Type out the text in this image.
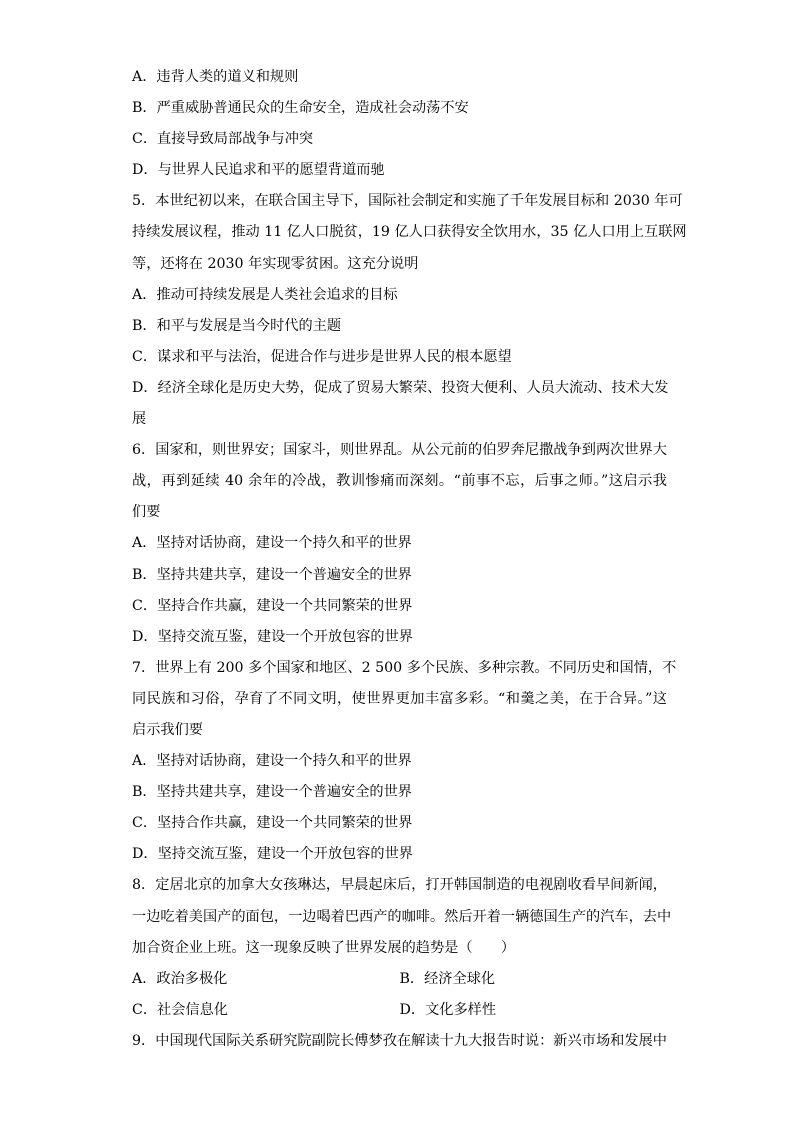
A．违背人类的道义和规则
B．严重威胁普通民众的生命安全，造成社会动荡不安
C．直接导致局部战争与冲突
D．与世界人民追求和平的愿望背道而驰
5．本世纪初以来，在联合国主导下，国际社会制定和实施了千年发展目标和 2030 年可
持续发展议程，推动 11 亿人口脱贫，19 亿人口获得安全饮用水，35 亿人口用上互联网
等，还将在 2030 年实现零贫困。这充分说明
A．推动可持续发展是人类社会追求的目标
B．和平与发展是当今时代的主题
C．谋求和平与法治，促进合作与进步是世界人民的根本愿望
D．经济全球化是历史大势，促成了贸易大繁荣、投资大便利、人员大流动、技术大发
展
6．国家和，则世界安；国家斗，则世界乱。从公元前的伯罗奔尼撒战争到两次世界大
战，再到延续 40 余年的冷战，教训惨痛而深刻。“前事不忘，后事之师。”这启示我
们要
A．坚持对话协商，建设一个持久和平的世界
B．坚持共建共享，建设一个普遍安全的世界
C．坚持合作共赢，建设一个共同繁荣的世界
D．坚持交流互鉴，建设一个开放包容的世界
7．世界上有 200 多个国家和地区、2 500 多个民族、多种宗教。不同历史和国情，不
同民族和习俗，孕育了不同文明，使世界更加丰富多彩。“和羹之美，在于合异。”这
启示我们要
A．坚持对话协商，建设一个持久和平的世界
B．坚持共建共享，建设一个普遍安全的世界
C．坚持合作共赢，建设一个共同繁荣的世界
D．坚持交流互鉴，建设一个开放包容的世界
8．定居北京的加拿大女孩琳达，早晨起床后，打开韩国制造的电视剧收看早间新闻，
一边吃着美国产的面包，一边喝着巴西产的咖啡。然后开着一辆德国生产的汽车，去中
加合资企业上班。这一现象反映了世界发展的趋势是（　　）
A．政治多极化	B．经济全球化
C．社会信息化	D．文化多样性
9．中国现代国际关系研究院副院长傅梦孜在解读十九大报告时说：新兴市场和发展中
